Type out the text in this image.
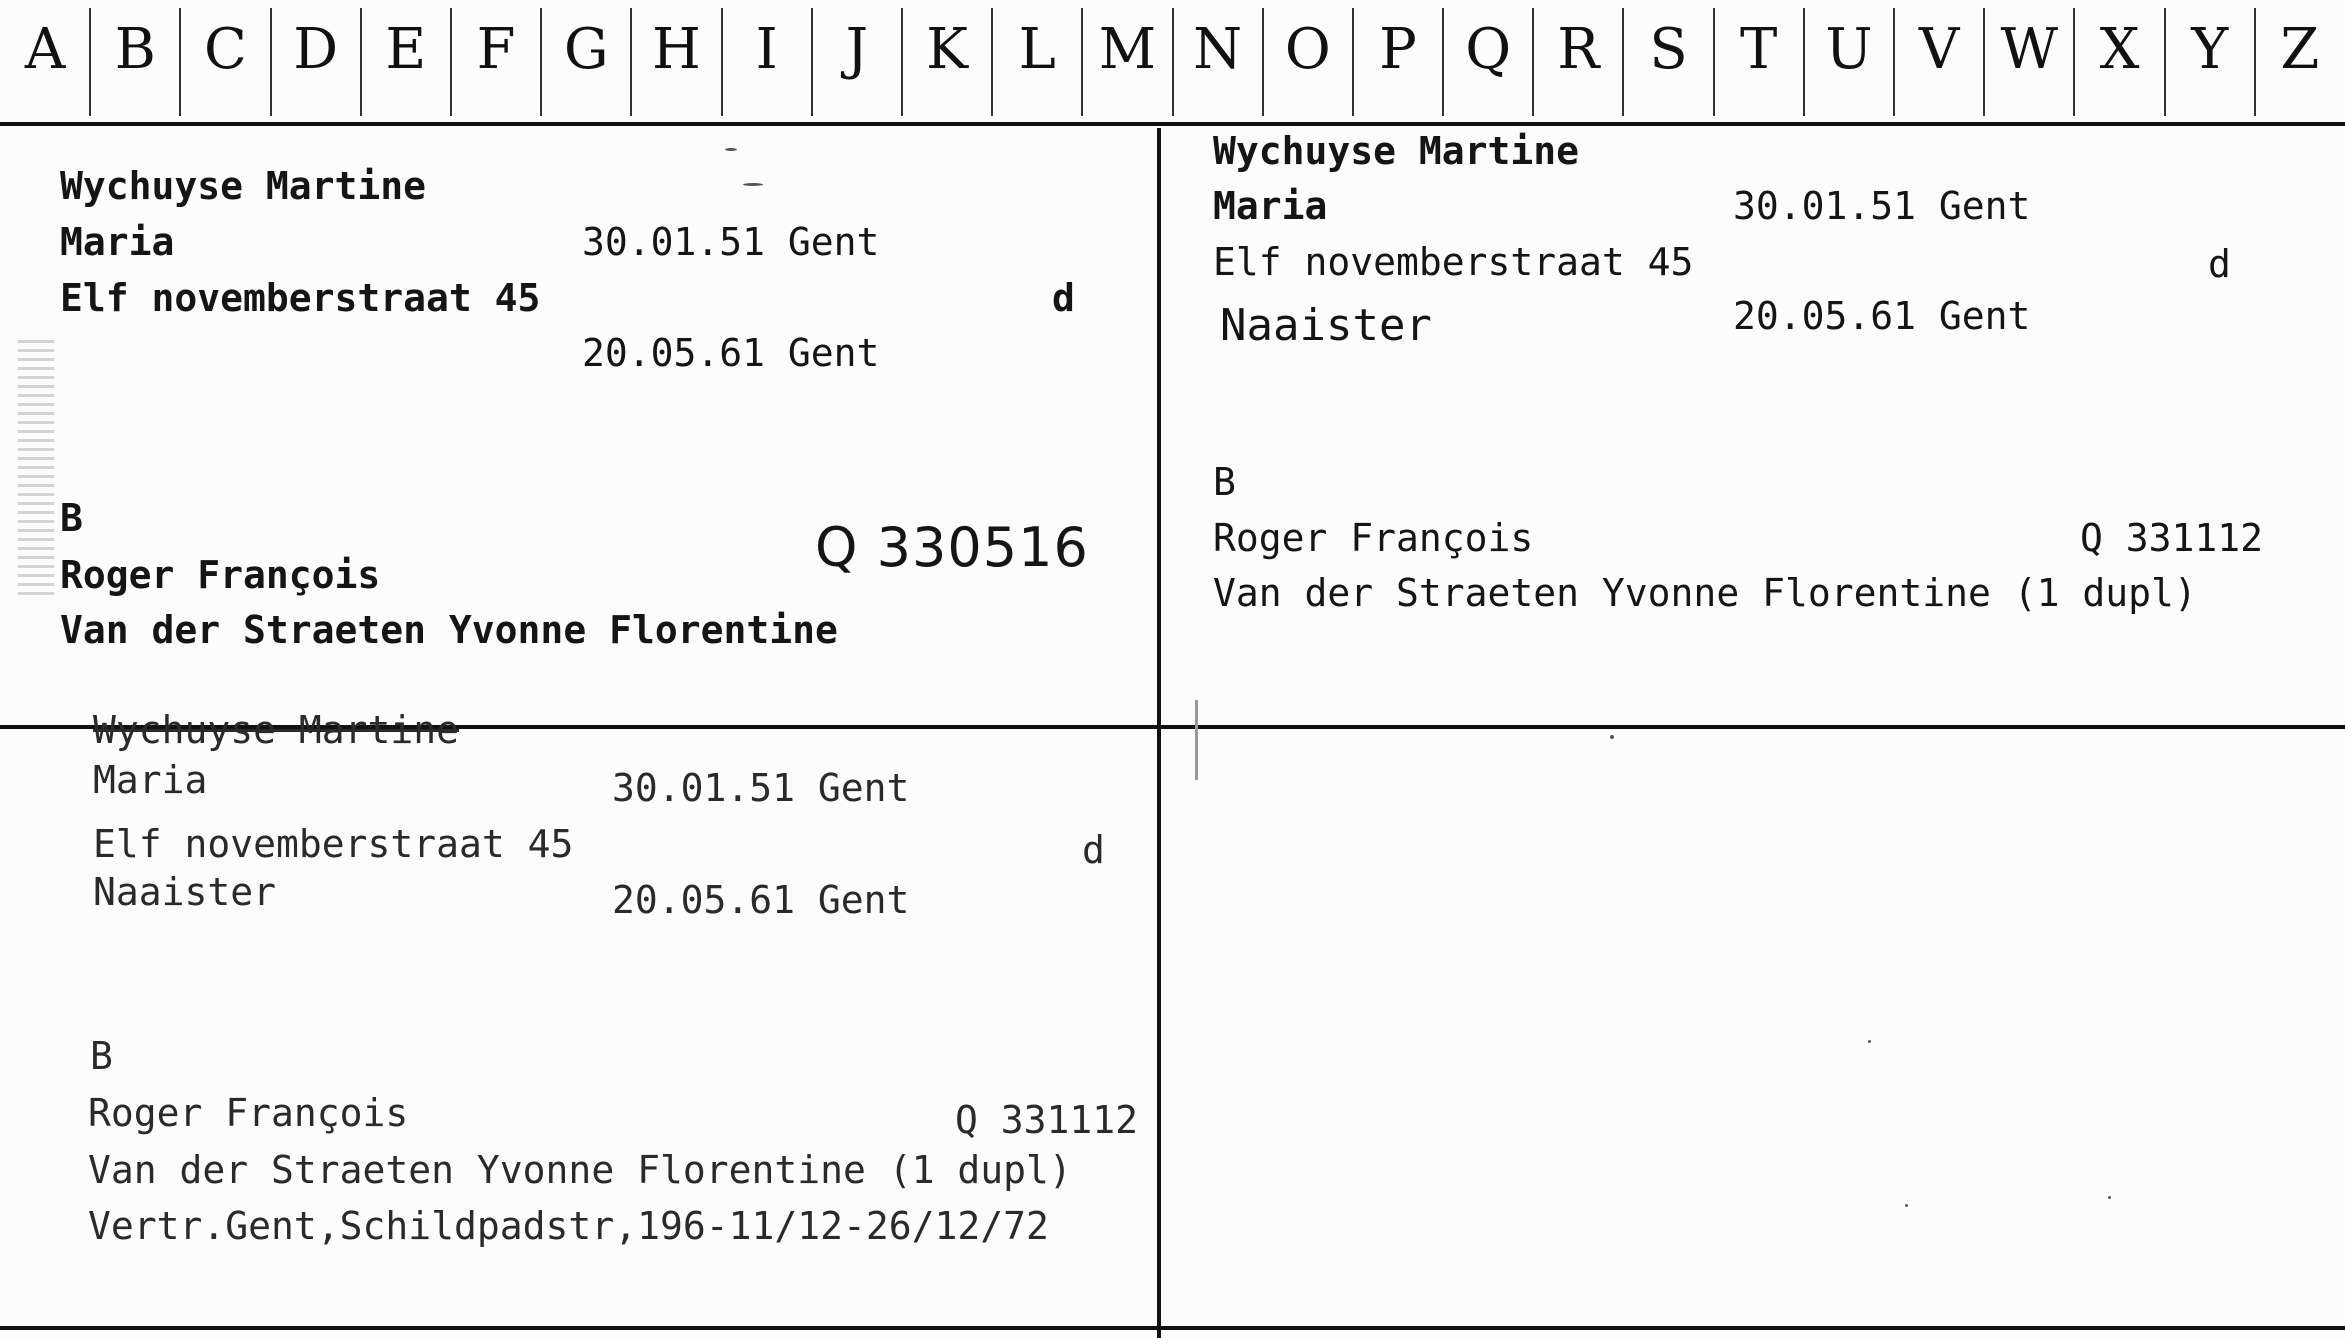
A B C D E F G H I	J	K L M N O P Q R S T U V W X Y Z
Wychuyse Martine
Maria	30.01.51 Gent
Elf novemberstraat 45	d
20.05.61 Gent
B
Roger François	Q 330516
Van der Straeten Yvonne Florentine
Wychuyse Martine
Maria	30.01.51 Gent
Elf novemberstraat 45	d
Naaister	20.05.61 Gent
B
Roger François	Q 331112
Van der Straeten Yvonne Florentine (1 dupl)
Wychuyse Martine
Maria	30.01.51 Gent
Elf novemberstraat 45	d
Naaister	20.05.61 Gent
B
Roger François	Q 331112
Van der Straeten Yvonne Florentine (1 dupl)
Vertr.Gent,Schildpadstr,196-11/12-26/12/72
